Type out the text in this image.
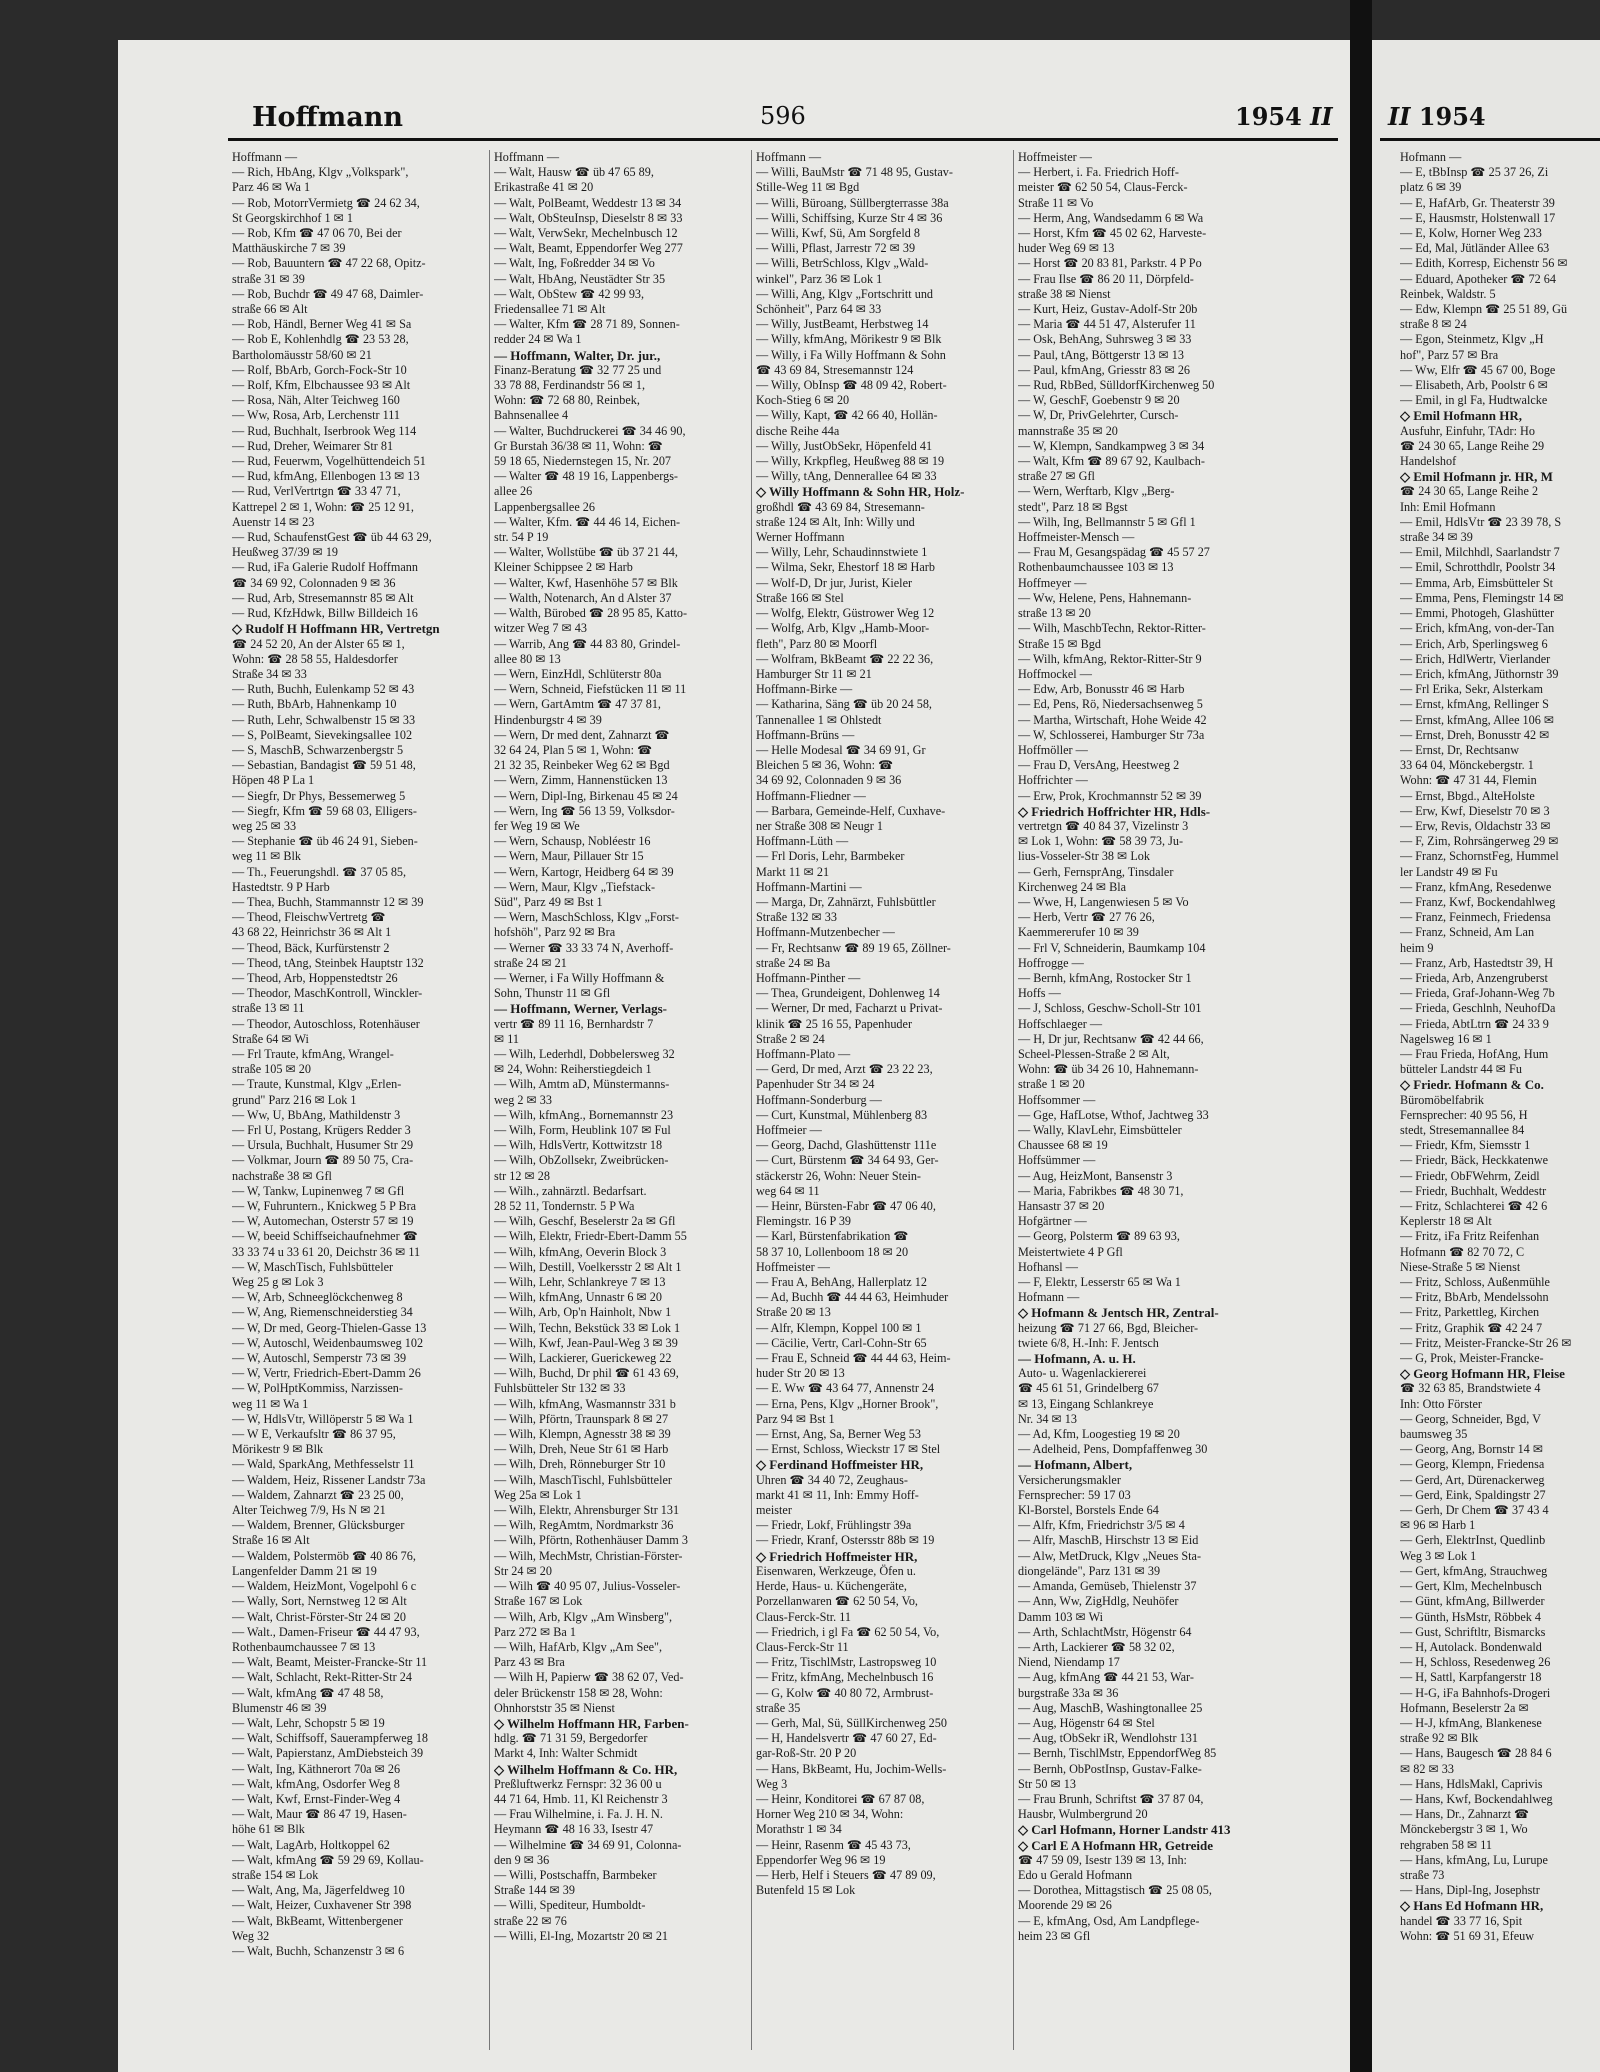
Hoffmann	596	1954 II II 1954
Hoffmann —
— Rich, HbAng, Klgv „Volkspark",
Parz 46 ✉ Wa 1
— Rob, MotorrVermietg ☎ 24 62 34,
St Georgskirchhof 1 ✉ 1
— Rob, Kfm ☎ 47 06 70, Bei der
Matthäuskirche 7 ✉ 39
— Rob, Bauuntern ☎ 47 22 68, Opitz-
straße 31 ✉ 39
— Rob, Buchdr ☎ 49 47 68, Daimler-
straße 66 ✉ Alt
— Rob, Händl, Berner Weg 41 ✉ Sa
— Rob E, Kohlenhdlg ☎ 23 53 28,
Bartholomäusstr 58/60 ✉ 21
— Rolf, BbArb, Gorch-Fock-Str 10
— Rolf, Kfm, Elbchaussee 93 ✉ Alt
— Rosa, Näh, Alter Teichweg 160
— Ww, Rosa, Arb, Lerchenstr 111
— Rud, Buchhalt, Iserbrook Weg 114
— Rud, Dreher, Weimarer Str 81
— Rud, Feuerwm, Vogelhüttendeich 51
— Rud, kfmAng, Ellenbogen 13 ✉ 13
— Rud, VerlVertrtgn ☎ 33 47 71,
Kattrepel 2 ✉ 1, Wohn: ☎ 25 12 91,
Auenstr 14 ✉ 23
— Rud, SchaufenstGest ☎ üb 44 63 29,
Heußweg 37/39 ✉ 19
— Rud, iFa Galerie Rudolf Hoffmann
☎ 34 69 92, Colonnaden 9 ✉ 36
— Rud, Arb, Stresemannstr 85 ✉ Alt
— Rud, KfzHdwk, Billw Billdeich 16
◇ Rudolf H Hoffmann HR, Vertretgn
☎ 24 52 20, An der Alster 65 ✉ 1,
Wohn: ☎ 28 58 55, Haldesdorfer
Straße 34 ✉ 33
— Ruth, Buchh, Eulenkamp 52 ✉ 43
— Ruth, BbArb, Hahnenkamp 10
— Ruth, Lehr, Schwalbenstr 15 ✉ 33
— S, PolBeamt, Sievekingsallee 102
— S, MaschB, Schwarzenbergstr 5
— Sebastian, Bandagist ☎ 59 51 48,
Höpen 48 P La 1
— Siegfr, Dr Phys, Bessemerweg 5
— Siegfr, Kfm ☎ 59 68 03, Elligers-
weg 25 ✉ 33
— Stephanie ☎ üb 46 24 91, Sieben-
weg 11 ✉ Blk
— Th., Feuerungshdl. ☎ 37 05 85,
Hastedtstr. 9 P Harb
— Thea, Buchh, Stammannstr 12 ✉ 39
— Theod, FleischwVertretg ☎
43 68 22, Heinrichstr 36 ✉ Alt 1
— Theod, Bäck, Kurfürstenstr 2
— Theod, tAng, Steinbek Hauptstr 132
— Theod, Arb, Hoppenstedtstr 26
— Theodor, MaschKontroll, Winckler-
straße 13 ✉ 11
— Theodor, Autoschloss, Rotenhäuser
Straße 64 ✉ Wi
— Frl Traute, kfmAng, Wrangel-
straße 105 ✉ 20
— Traute, Kunstmal, Klgv „Erlen-
grund" Parz 216 ✉ Lok 1
— Ww, U, BbAng, Mathildenstr 3
— Frl U, Postang, Krügers Redder 3
— Ursula, Buchhalt, Husumer Str 29
— Volkmar, Journ ☎ 89 50 75, Cra-
nachstraße 38 ✉ Gfl
— W, Tankw, Lupinenweg 7 ✉ Gfl
— W, Fuhruntern., Knickweg 5 P Bra
— W, Automechan, Osterstr 57 ✉ 19
— W, beeid Schiffseichaufnehmer ☎
33 33 74 u 33 61 20, Deichstr 36 ✉ 11
— W, MaschTisch, Fuhlsbütteler
Weg 25 g ✉ Lok 3
— W, Arb, Schneeglöckchenweg 8
— W, Ang, Riemenschneiderstieg 34
— W, Dr med, Georg-Thielen-Gasse 13
— W, Autoschl, Weidenbaumsweg 102
— W, Autoschl, Semperstr 73 ✉ 39
— W, Vertr, Friedrich-Ebert-Damm 26
— W, PolHptKommiss, Narzissen-
weg 11 ✉ Wa 1
— W, HdlsVtr, Willöperstr 5 ✉ Wa 1
— W E, Verkaufsltr ☎ 86 37 95,
Mörikestr 9 ✉ Blk
— Wald, SparkAng, Methfesselstr 11
— Waldem, Heiz, Rissener Landstr 73a
— Waldem, Zahnarzt ☎ 23 25 00,
Alter Teichweg 7/9, Hs N ✉ 21
— Waldem, Brenner, Glücksburger
Straße 16 ✉ Alt
— Waldem, Polstermöb ☎ 40 86 76,
Langenfelder Damm 21 ✉ 19
— Waldem, HeizMont, Vogelpohl 6 c
— Wally, Sort, Nernstweg 12 ✉ Alt
— Walt, Christ-Förster-Str 24 ✉ 20
— Walt., Damen-Friseur ☎ 44 47 93,
Rothenbaumchaussee 7 ✉ 13
— Walt, Beamt, Meister-Francke-Str 11
— Walt, Schlacht, Rekt-Ritter-Str 24
— Walt, kfmAng ☎ 47 48 58,
Blumenstr 46 ✉ 39
— Walt, Lehr, Schopstr 5 ✉ 19
— Walt, Schiffsoff, Sauerampferweg 18
— Walt, Papierstanz, AmDiebsteich 39
— Walt, Ing, Käthnerort 70a ✉ 26
— Walt, kfmAng, Osdorfer Weg 8
— Walt, Kwf, Ernst-Finder-Weg 4
— Walt, Maur ☎ 86 47 19, Hasen-
höhe 61 ✉ Blk
— Walt, LagArb, Holtkoppel 62
— Walt, kfmAng ☎ 59 29 69, Kollau-
straße 154 ✉ Lok
— Walt, Ang, Ma, Jägerfeldweg 10
— Walt, Heizer, Cuxhavener Str 398
— Walt, BkBeamt, Wittenbergener
Weg 32
— Walt, Buchh, Schanzenstr 3 ✉ 6
Hoffmann —
— Walt, Hausw ☎ üb 47 65 89,
Erikastraße 41 ✉ 20
— Walt, PolBeamt, Weddestr 13 ✉ 34
— Walt, ObSteuInsp, Dieselstr 8 ✉ 33
— Walt, VerwSekr, Mechelnbusch 12
— Walt, Beamt, Eppendorfer Weg 277
— Walt, Ing, Foßredder 34 ✉ Vo
— Walt, HbAng, Neustädter Str 35
— Walt, ObStew ☎ 42 99 93,
Friedensallee 71 ✉ Alt
— Walter, Kfm ☎ 28 71 89, Sonnen-
redder 24 ✉ Wa 1
— Hoffmann, Walter, Dr. jur.,
Finanz-Beratung ☎ 32 77 25 und
33 78 88, Ferdinandstr 56 ✉ 1,
Wohn: ☎ 72 68 80, Reinbek,
Bahnsenallee 4
— Walter, Buchdruckerei ☎ 34 46 90,
Gr Burstah 36/38 ✉ 11, Wohn: ☎
59 18 65, Niedernstegen 15, Nr. 207
— Walter ☎ 48 19 16, Lappenbergs-
allee 26
Lappenbergsallee 26
— Walter, Kfm. ☎ 44 46 14, Eichen-
str. 54 P 19
— Walter, Wollstübe ☎ üb 37 21 44,
Kleiner Schippsee 2 ✉ Harb
— Walter, Kwf, Hasenhöhe 57 ✉ Blk
— Walth, Notenarch, An d Alster 37
— Walth, Bürobed ☎ 28 95 85, Katto-
witzer Weg 7 ✉ 43
— Warrib, Ang ☎ 44 83 80, Grindel-
allee 80 ✉ 13
— Wern, EinzHdl, Schlüterstr 80a
— Wern, Schneid, Fiefstücken 11 ✉ 11
— Wern, GartAmtm ☎ 47 37 81,
Hindenburgstr 4 ✉ 39
— Wern, Dr med dent, Zahnarzt ☎
32 64 24, Plan 5 ✉ 1, Wohn: ☎
21 32 35, Reinbeker Weg 62 ✉ Bgd
— Wern, Zimm, Hannenstücken 13
— Wern, Dipl-Ing, Birkenau 45 ✉ 24
— Wern, Ing ☎ 56 13 59, Volksdor-
fer Weg 19 ✉ We
— Wern, Schausp, Nobléestr 16
— Wern, Maur, Pillauer Str 15
— Wern, Kartogr, Heidberg 64 ✉ 39
— Wern, Maur, Klgv „Tiefstack-
Süd", Parz 49 ✉ Bst 1
— Wern, MaschSchloss, Klgv „Forst-
hofshöh", Parz 92 ✉ Bra
— Werner ☎ 33 33 74 N, Averhoff-
straße 24 ✉ 21
— Werner, i Fa Willy Hoffmann &
Sohn, Thunstr 11 ✉ Gfl
— Hoffmann, Werner, Verlags-
vertr ☎ 89 11 16, Bernhardstr 7
✉ 11
— Wilh, Lederhdl, Dobbelersweg 32
✉ 24, Wohn: Reiherstiegdeich 1
— Wilh, Amtm aD, Münstermanns-
weg 2 ✉ 33
— Wilh, kfmAng., Bornemannstr 23
— Wilh, Form, Heublink 107 ✉ Ful
— Wilh, HdlsVertr, Kottwitzstr 18
— Wilh, ObZollsekr, Zweibrücken-
str 12 ✉ 28
— Wilh., zahnärztl. Bedarfsart.
28 52 11, Tondernstr. 5 P Wa
— Wilh, Geschf, Beselerstr 2a ✉ Gfl
— Wilh, Elektr, Friedr-Ebert-Damm 55
— Wilh, kfmAng, Oeverin Block 3
— Wilh, Destill, Voelkersstr 2 ✉ Alt 1
— Wilh, Lehr, Schlankreye 7 ✉ 13
— Wilh, kfmAng, Unnastr 6 ✉ 20
— Wilh, Arb, Op'n Hainholt, Nbw 1
— Wilh, Techn, Bekstück 33 ✉ Lok 1
— Wilh, Kwf, Jean-Paul-Weg 3 ✉ 39
— Wilh, Lackierer, Guerickeweg 22
— Wilh, Buchd, Dr phil ☎ 61 43 69,
Fuhlsbütteler Str 132 ✉ 33
— Wilh, kfmAng, Wasmannstr 331 b
— Wilh, Pförtn, Traunspark 8 ✉ 27
— Wilh, Klempn, Agnesstr 38 ✉ 39
— Wilh, Dreh, Neue Str 61 ✉ Harb
— Wilh, Dreh, Rönneburger Str 10
— Wilh, MaschTischl, Fuhlsbütteler
Weg 25a ✉ Lok 1
— Wilh, Elektr, Ahrensburger Str 131
— Wilh, RegAmtm, Nordmarkstr 36
— Wilh, Pförtn, Rothenhäuser Damm 3
— Wilh, MechMstr, Christian-Förster-
Str 24 ✉ 20
— Wilh ☎ 40 95 07, Julius-Vosseler-
Straße 167 ✉ Lok
— Wilh, Arb, Klgv „Am Winsberg",
Parz 272 ✉ Ba 1
— Wilh, HafArb, Klgv „Am See",
Parz 43 ✉ Bra
— Wilh H, Papierw ☎ 38 62 07, Ved-
deler Brückenstr 158 ✉ 28, Wohn:
Ohnhorststr 35 ✉ Nienst
◇ Wilhelm Hoffmann HR, Farben-
hdlg. ☎ 71 31 59, Bergedorfer
Markt 4, Inh: Walter Schmidt
◇ Wilhelm Hoffmann & Co. HR,
Preßluftwerkz Fernspr: 32 36 00 u
44 71 64, Hmb. 11, Kl Reichenstr 3
— Frau Wilhelmine, i. Fa. J. H. N.
Heymann ☎ 48 16 33, Isestr 47
— Wilhelmine ☎ 34 69 91, Colonna-
den 9 ✉ 36
— Willi, Postschaffn, Barmbeker
Straße 144 ✉ 39
— Willi, Spediteur, Humboldt-
straße 22 ✉ 76
— Willi, El-Ing, Mozartstr 20 ✉ 21
Hoffmann —
— Willi, BauMstr ☎ 71 48 95, Gustav-
Stille-Weg 11 ✉ Bgd
— Willi, Büroang, Süllbergterrasse 38a
— Willi, Schiffsing, Kurze Str 4 ✉ 36
— Willi, Kwf, Sü, Am Sorgfeld 8
— Willi, Pflast, Jarrestr 72 ✉ 39
— Willi, BetrSchloss, Klgv „Wald-
winkel", Parz 36 ✉ Lok 1
— Willi, Ang, Klgv „Fortschritt und
Schönheit", Parz 64 ✉ 33
— Willy, JustBeamt, Herbstweg 14
— Willy, kfmAng, Mörikestr 9 ✉ Blk
— Willy, i Fa Willy Hoffmann & Sohn
☎ 43 69 84, Stresemannstr 124
— Willy, ObInsp ☎ 48 09 42, Robert-
Koch-Stieg 6 ✉ 20
— Willy, Kapt, ☎ 42 66 40, Hollän-
dische Reihe 44a
— Willy, JustObSekr, Höpenfeld 41
— Willy, Krkpfleg, Heußweg 88 ✉ 19
— Willy, tAng, Dennerallee 64 ✉ 33
◇ Willy Hoffmann & Sohn HR, Holz-
großhdl ☎ 43 69 84, Stresemann-
straße 124 ✉ Alt, Inh: Willy und
Werner Hoffmann
— Willy, Lehr, Schaudinnstwiete 1
— Wilma, Sekr, Ehestorf 18 ✉ Harb
— Wolf-D, Dr jur, Jurist, Kieler
Straße 166 ✉ Stel
— Wolfg, Elektr, Güstrower Weg 12
— Wolfg, Arb, Klgv „Hamb-Moor-
fleth", Parz 80 ✉ Moorfl
— Wolfram, BkBeamt ☎ 22 22 36,
Hamburger Str 11 ✉ 21
Hoffmann-Birke —
— Katharina, Säng ☎ üb 20 24 58,
Tannenallee 1 ✉ Ohlstedt
Hoffmann-Brüns —
— Helle Modesal ☎ 34 69 91, Gr
Bleichen 5 ✉ 36, Wohn: ☎
34 69 92, Colonnaden 9 ✉ 36
Hoffmann-Fliedner —
— Barbara, Gemeinde-Helf, Cuxhave-
ner Straße 308 ✉ Neugr 1
Hoffmann-Lüth —
— Frl Doris, Lehr, Barmbeker
Markt 11 ✉ 21
Hoffmann-Martini —
— Marga, Dr, Zahnärzt, Fuhlsbüttler
Straße 132 ✉ 33
Hoffmann-Mutzenbecher —
— Fr, Rechtsanw ☎ 89 19 65, Zöllner-
straße 24 ✉ Ba
Hoffmann-Pinther —
— Thea, Grundeigent, Dohlenweg 14
— Werner, Dr med, Facharzt u Privat-
klinik ☎ 25 16 55, Papenhuder
Straße 2 ✉ 24
Hoffmann-Plato —
— Gerd, Dr med, Arzt ☎ 23 22 23,
Papenhuder Str 34 ✉ 24
Hoffmann-Sonderburg —
— Curt, Kunstmal, Mühlenberg 83
Hoffmeier —
— Georg, Dachd, Glashüttenstr 111e
— Curt, Bürstenm ☎ 34 64 93, Ger-
stäckerstr 26, Wohn: Neuer Stein-
weg 64 ✉ 11
— Heinr, Bürsten-Fabr ☎ 47 06 40,
Flemingstr. 16 P 39
— Karl, Bürstenfabrikation ☎
58 37 10, Lollenboom 18 ✉ 20
Hoffmeister —
— Frau A, BehAng, Hallerplatz 12
— Ad, Buchh ☎ 44 44 63, Heimhuder
Straße 20 ✉ 13
— Alfr, Klempn, Koppel 100 ✉ 1
— Cäcilie, Vertr, Carl-Cohn-Str 65
— Frau E, Schneid ☎ 44 44 63, Heim-
huder Str 20 ✉ 13
— E. Ww ☎ 43 64 77, Annenstr 24
— Erna, Pens, Klgv „Horner Brook",
Parz 94 ✉ Bst 1
— Ernst, Ang, Sa, Berner Weg 53
— Ernst, Schloss, Wieckstr 17 ✉ Stel
◇ Ferdinand Hoffmeister HR,
Uhren ☎ 34 40 72, Zeughaus-
markt 41 ✉ 11, Inh: Emmy Hoff-
meister
— Friedr, Lokf, Frühlingstr 39a
— Friedr, Kranf, Ostersstr 88b ✉ 19
◇ Friedrich Hoffmeister HR,
Eisenwaren, Werkzeuge, Öfen u.
Herde, Haus- u. Küchengeräte,
Porzellanwaren ☎ 62 50 54, Vo,
Claus-Ferck-Str. 11
— Friedrich, i gl Fa ☎ 62 50 54, Vo,
Claus-Ferck-Str 11
— Fritz, TischlMstr, Lastropsweg 10
— Fritz, kfmAng, Mechelnbusch 16
— G, Kolw ☎ 40 80 72, Armbrust-
straße 35
— Gerh, Mal, Sü, SüllKirchenweg 250
— H, Handelsvertr ☎ 47 60 27, Ed-
gar-Roß-Str. 20 P 20
— Hans, BkBeamt, Hu, Jochim-Wells-
Weg 3
— Heinr, Konditorei ☎ 67 87 08,
Horner Weg 210 ✉ 34, Wohn:
Morathstr 1 ✉ 34
— Heinr, Rasenm ☎ 45 43 73,
Eppendorfer Weg 96 ✉ 19
— Herb, Helf i Steuers ☎ 47 89 09,
Butenfeld 15 ✉ Lok
Hoffmeister —
— Herbert, i. Fa. Friedrich Hoff-
meister ☎ 62 50 54, Claus-Ferck-
Straße 11 ✉ Vo
— Herm, Ang, Wandsedamm 6 ✉ Wa
— Horst, Kfm ☎ 45 02 62, Harveste-
huder Weg 69 ✉ 13
— Horst ☎ 20 83 81, Parkstr. 4 P Po
— Frau Ilse ☎ 86 20 11, Dörpfeld-
straße 38 ✉ Nienst
— Kurt, Heiz, Gustav-Adolf-Str 20b
— Maria ☎ 44 51 47, Alsterufer 11
— Osk, BehAng, Suhrsweg 3 ✉ 33
— Paul, tAng, Böttgerstr 13 ✉ 13
— Paul, kfmAng, Griesstr 83 ✉ 26
— Rud, RbBed, SülldorfKirchenweg 50
— W, GeschF, Goebenstr 9 ✉ 20
— W, Dr, PrivGelehrter, Cursch-
mannstraße 35 ✉ 20
— W, Klempn, Sandkampweg 3 ✉ 34
— Walt, Kfm ☎ 89 67 92, Kaulbach-
straße 27 ✉ Gfl
— Wern, Werftarb, Klgv „Berg-
stedt", Parz 18 ✉ Bgst
— Wilh, Ing, Bellmannstr 5 ✉ Gfl 1
Hoffmeister-Mensch —
— Frau M, Gesangspädag ☎ 45 57 27
Rothenbaumchaussee 103 ✉ 13
Hoffmeyer —
— Ww, Helene, Pens, Hahnemann-
straße 13 ✉ 20
— Wilh, MaschbTechn, Rektor-Ritter-
Straße 15 ✉ Bgd
— Wilh, kfmAng, Rektor-Ritter-Str 9
Hoffmockel —
— Edw, Arb, Bonusstr 46 ✉ Harb
— Ed, Pens, Rö, Niedersachsenweg 5
— Martha, Wirtschaft, Hohe Weide 42
— W, Schlosserei, Hamburger Str 73a
Hoffmöller —
— Frau D, VersAng, Heestweg 2
Hoffrichter —
— Erw, Prok, Krochmannstr 52 ✉ 39
◇ Friedrich Hoffrichter HR, Hdls-
vertretgn ☎ 40 84 37, Vizelinstr 3
✉ Lok 1, Wohn: ☎ 58 39 73, Ju-
lius-Vosseler-Str 38 ✉ Lok
— Gerh, FernsprAng, Tinsdaler
Kirchenweg 24 ✉ Bla
— Wwe, H, Langenwiesen 5 ✉ Vo
— Herb, Vertr ☎ 27 76 26,
Kaemmererufer 10 ✉ 39
— Frl V, Schneiderin, Baumkamp 104
Hoffrogge —
— Bernh, kfmAng, Rostocker Str 1
Hoffs —
— J, Schloss, Geschw-Scholl-Str 101
Hoffschlaeger —
— H, Dr jur, Rechtsanw ☎ 42 44 66,
Scheel-Plessen-Straße 2 ✉ Alt,
Wohn: ☎ üb 34 26 10, Hahnemann-
straße 1 ✉ 20
Hoffsommer —
— Gge, HafLotse, Wthof, Jachtweg 33
— Wally, KlavLehr, Eimsbütteler
Chaussee 68 ✉ 19
Hoffsümmer —
— Aug, HeizMont, Bansenstr 3
— Maria, Fabrikbes ☎ 48 30 71,
Hansastr 37 ✉ 20
Hofgärtner —
— Georg, Polsterm ☎ 89 63 93,
Meistertwiete 4 P Gfl
Hofhansl —
— F, Elektr, Lesserstr 65 ✉ Wa 1
Hofmann —
◇ Hofmann & Jentsch HR, Zentral-
heizung ☎ 71 27 66, Bgd, Bleicher-
twiete 6/8, H.-Inh: F. Jentsch
— Hofmann, A. u. H.
Auto- u. Wagenlackiererei
☎ 45 61 51, Grindelberg 67
✉ 13, Eingang Schlankreye
Nr. 34 ✉ 13
— Ad, Kfm, Loogestieg 19 ✉ 20
— Adelheid, Pens, Dompfaffenweg 30
— Hofmann, Albert,
Versicherungsmakler
Fernsprecher: 59 17 03
Kl-Borstel, Borstels Ende 64
— Alfr, Kfm, Friedrichstr 3/5 ✉ 4
— Alfr, MaschB, Hirschstr 13 ✉ Eid
— Alw, MetDruck, Klgv „Neues Sta-
diongelände", Parz 131 ✉ 39
— Amanda, Gemüseb, Thielenstr 37
— Ann, Ww, ZigHdlg, Neuhöfer
Damm 103 ✉ Wi
— Arth, SchlachtMstr, Högenstr 64
— Arth, Lackierer ☎ 58 32 02,
Niend, Niendamp 17
— Aug, kfmAng ☎ 44 21 53, War-
burgstraße 33a ✉ 36
— Aug, MaschB, Washingtonallee 25
— Aug, Högenstr 64 ✉ Stel
— Aug, tObSekr iR, Wendlohstr 131
— Bernh, TischlMstr, EppendorfWeg 85
— Bernh, ObPostInsp, Gustav-Falke-
Str 50 ✉ 13
— Frau Brunh, Schriftst ☎ 37 87 04,
Hausbr, Wulmbergrund 20
◇ Carl Hofmann, Horner Landstr 413
◇ Carl E A Hofmann HR, Getreide
☎ 47 59 09, Isestr 139 ✉ 13, Inh:
Edo u Gerald Hofmann
— Dorothea, Mittagstisch ☎ 25 08 05,
Moorende 29 ✉ 26
— E, kfmAng, Osd, Am Landpflege-
heim 23 ✉ Gfl
Hofmann —
— E, tBbInsp ☎ 25 37 26, Zi
platz 6 ✉ 39
— E, HafArb, Gr. Theaterstr 39
— E, Hausmstr, Holstenwall 17
— E, Kolw, Horner Weg 233
— Ed, Mal, Jütländer Allee 63
— Edith, Korresp, Eichenstr 56 ✉
— Eduard, Apotheker ☎ 72 64
Reinbek, Waldstr. 5
— Edw, Klempn ☎ 25 51 89, Gü
straße 8 ✉ 24
— Egon, Steinmetz, Klgv „H
hof", Parz 57 ✉ Bra
— Ww, Elfr ☎ 45 67 00, Boge
— Elisabeth, Arb, Poolstr 6 ✉
— Emil, in gl Fa, Hudtwalcke
◇ Emil Hofmann HR,
Ausfuhr, Einfuhr, TAdr: Ho
☎ 24 30 65, Lange Reihe 29
Handelshof
◇ Emil Hofmann jr. HR, M
☎ 24 30 65, Lange Reihe 2
Inh: Emil Hofmann
— Emil, HdlsVtr ☎ 23 39 78, S
straße 34 ✉ 39
— Emil, Milchhdl, Saarlandstr 7
— Emil, Schrotthdlr, Poolstr 34
— Emma, Arb, Eimsbütteler St
— Emma, Pens, Flemingstr 14 ✉
— Emmi, Photogeh, Glashütter
— Erich, kfmAng, von-der-Tan
— Erich, Arb, Sperlingsweg 6
— Erich, HdlWertr, Vierlander
— Erich, kfmAng, Jüthornstr 39
— Frl Erika, Sekr, Alsterkam
— Ernst, kfmAng, Rellinger S
— Ernst, kfmAng, Allee 106 ✉
— Ernst, Dreh, Bonusstr 42 ✉
— Ernst, Dr, Rechtsanw
33 64 04, Mönckebergstr. 1
Wohn: ☎ 47 31 44, Flemin
— Ernst, Bbgd., AlteHolste
— Erw, Kwf, Dieselstr 70 ✉ 3
— Erw, Revis, Oldachstr 33 ✉
— F, Zim, Rohrsängerweg 29 ✉
— Franz, SchornstFeg, Hummel
ler Landstr 49 ✉ Fu
— Franz, kfmAng, Resedenwe
— Franz, Kwf, Bockendahlweg
— Franz, Feinmech, Friedensa
— Franz, Schneid, Am Lan
heim 9
— Franz, Arb, Hastedtstr 39, H
— Frieda, Arb, Anzengruberst
— Frieda, Graf-Johann-Weg 7b
— Frieda, Geschlnh, NeuhofDa
— Frieda, AbtLtrn ☎ 24 33 9
Nagelsweg 16 ✉ 1
— Frau Frieda, HofAng, Hum
bütteler Landstr 44 ✉ Fu
◇ Friedr. Hofmann & Co.
Büromöbelfabrik
Fernsprecher: 40 95 56, H
stedt, Stresemannallee 84
— Friedr, Kfm, Siemsstr 1
— Friedr, Bäck, Heckkatenwe
— Friedr, ObFWehrm, Zeidl
— Friedr, Buchhalt, Weddestr
— Fritz, Schlachterei ☎ 42 6
Keplerstr 18 ✉ Alt
— Fritz, iFa Fritz Reifenhan
Hofmann ☎ 82 70 72, C
Niese-Straße 5 ✉ Nienst
— Fritz, Schloss, Außenmühle
— Fritz, BbArb, Mendelssohn
— Fritz, Parkettleg, Kirchen
— Fritz, Graphik ☎ 42 24 7
— Fritz, Meister-Francke-Str 26 ✉
— G, Prok, Meister-Francke-
◇ Georg Hofmann HR, Fleise
☎ 32 63 85, Brandstwiete 4
Inh: Otto Förster
— Georg, Schneider, Bgd, V
baumsweg 35
— Georg, Ang, Bornstr 14 ✉
— Georg, Klempn, Friedensa
— Gerd, Art, Dürenackerweg
— Gerd, Eink, Spaldingstr 27
— Gerh, Dr Chem ☎ 37 43 4
✉ 96 ✉ Harb 1
— Gerh, ElektrInst, Quedlinb
Weg 3 ✉ Lok 1
— Gert, kfmAng, Strauchweg
— Gert, Klm, Mechelnbusch
— Günt, kfmAng, Billwerder
— Günth, HsMstr, Röbbek 4
— Gust, Schriftltr, Bismarcks
— H, Autolack. Bondenwald
— H, Schloss, Resedenweg 26
— H, Sattl, Karpfangerstr 18
— H-G, iFa Bahnhofs-Drogeri
Hofmann, Beselerstr 2a ✉
— H-J, kfmAng, Blankenese
straße 92 ✉ Blk
— Hans, Baugesch ☎ 28 84 6
✉ 82 ✉ 33
— Hans, HdlsMakl, Caprivis
— Hans, Kwf, Bockendahlweg
— Hans, Dr., Zahnarzt ☎
Mönckebergstr 3 ✉ 1, Wo
rehgraben 58 ✉ 11
— Hans, kfmAng, Lu, Lurupe
straße 73
— Hans, Dipl-Ing, Josephstr
◇ Hans Ed Hofmann HR,
handel ☎ 33 77 16, Spit
Wohn: ☎ 51 69 31, Efeuw
